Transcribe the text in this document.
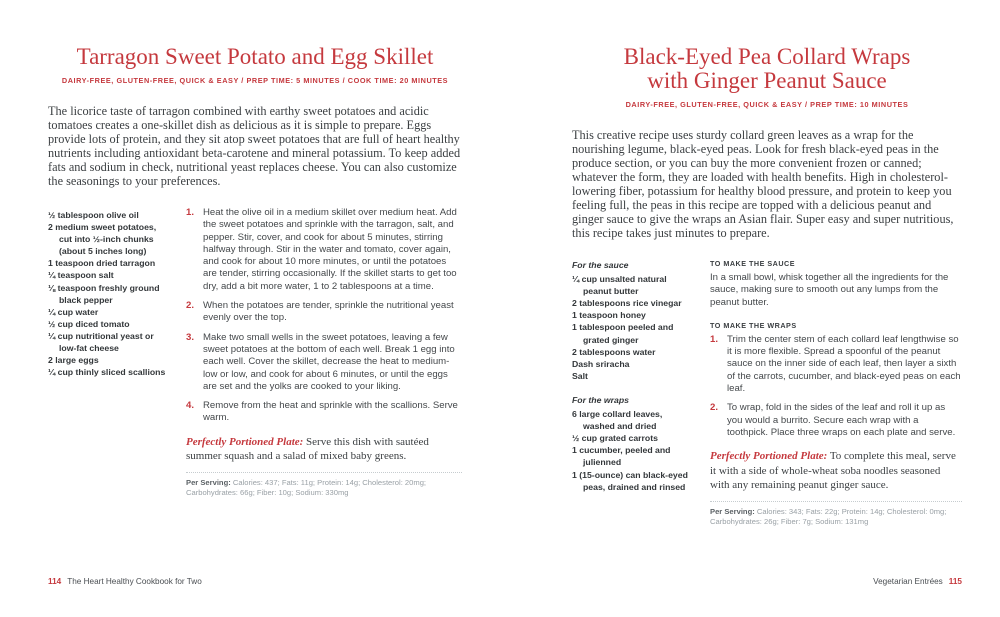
Tarragon Sweet Potato and Egg Skillet
DAIRY-FREE, GLUTEN-FREE, QUICK & EASY / PREP TIME: 5 MINUTES / COOK TIME: 20 MINUTES
The licorice taste of tarragon combined with earthy sweet potatoes and acidic tomatoes creates a one-skillet dish as delicious as it is simple to prepare. Eggs provide lots of protein, and they sit atop sweet potatoes that are full of heart healthy nutrients including antioxidant beta-carotene and mineral potassium. To keep added fats and sodium in check, nutritional yeast replaces cheese. You can also customize the seasonings to your preferences.
½ tablespoon olive oil
2 medium sweet potatoes, cut into ½-inch chunks (about 5 inches long)
1 teaspoon dried tarragon
¼ teaspoon salt
⅛ teaspoon freshly ground black pepper
¼ cup water
½ cup diced tomato
¼ cup nutritional yeast or low-fat cheese
2 large eggs
¼ cup thinly sliced scallions
1. Heat the olive oil in a medium skillet over medium heat. Add the sweet potatoes and sprinkle with the tarragon, salt, and pepper. Stir, cover, and cook for about 5 minutes, stirring halfway through. Stir in the water and tomato, cover again, and cook for about 10 more minutes, or until the potatoes are tender, stirring occasionally. If the skillet starts to get too dry, add a bit more water, 1 to 2 tablespoons at a time.
2. When the potatoes are tender, sprinkle the nutritional yeast evenly over the top.
3. Make two small wells in the sweet potatoes, leaving a few sweet potatoes at the bottom of each well. Break 1 egg into each well. Cover the skillet, decrease the heat to medium-low or low, and cook for about 6 minutes, or until the eggs are set and the yolks are cooked to your liking.
4. Remove from the heat and sprinkle with the scallions. Serve warm.
Perfectly Portioned Plate: Serve this dish with sautéed summer squash and a salad of mixed baby greens.
Per Serving: Calories: 437; Fats: 11g; Protein: 14g; Cholesterol: 20mg; Carbohydrates: 66g; Fiber: 10g; Sodium: 330mg
Black-Eyed Pea Collard Wraps
with Ginger Peanut Sauce
DAIRY-FREE, GLUTEN-FREE, QUICK & EASY / PREP TIME: 10 MINUTES
This creative recipe uses sturdy collard green leaves as a wrap for the nourishing legume, black-eyed peas. Look for fresh black-eyed peas in the produce section, or you can buy the more convenient frozen or canned; whatever the form, they are loaded with health benefits. High in cholesterol-lowering fiber, potassium for healthy blood pressure, and protein to keep you feeling full, the peas in this recipe are topped with a delicious peanut and ginger sauce to give the wraps an Asian flair. Super easy and super nutritious, this recipe takes just minutes to prepare.

For the sauce

¼ cup unsalted natural peanut butter
2 tablespoons rice vinegar
1 teaspoon honey
1 tablespoon peeled and grated ginger
2 tablespoons water
Dash sriracha
Salt

For the wraps

6 large collard leaves, washed and dried
½ cup grated carrots
1 cucumber, peeled and julienned
1 (15-ounce) can black-eyed peas, drained and rinsed

TO MAKE THE SAUCE

In a small bowl, whisk together all the ingredients for the sauce, making sure to smooth out any lumps from the peanut butter.

TO MAKE THE WRAPS

1. Trim the center stem of each collard leaf lengthwise so it is more flexible. Spread a spoonful of the peanut sauce on the inner side of each leaf, then layer a sixth of the carrots, cucumber, and black-eyed peas on each leaf.
2. To wrap, fold in the sides of the leaf and roll it up as you would a burrito. Secure each wrap with a toothpick. Place three wraps on each plate and serve.
Perfectly Portioned Plate: To complete this meal, serve it with a side of whole-wheat soba noodles seasoned with any remaining peanut ginger sauce.
Per Serving: Calories: 343; Fats: 22g; Protein: 14g; Cholesterol: 0mg; Carbohydrates: 26g; Fiber: 7g; Sodium: 131mg
114 The Heart Healthy Cookbook for Two	Vegetarian Entrées 115
